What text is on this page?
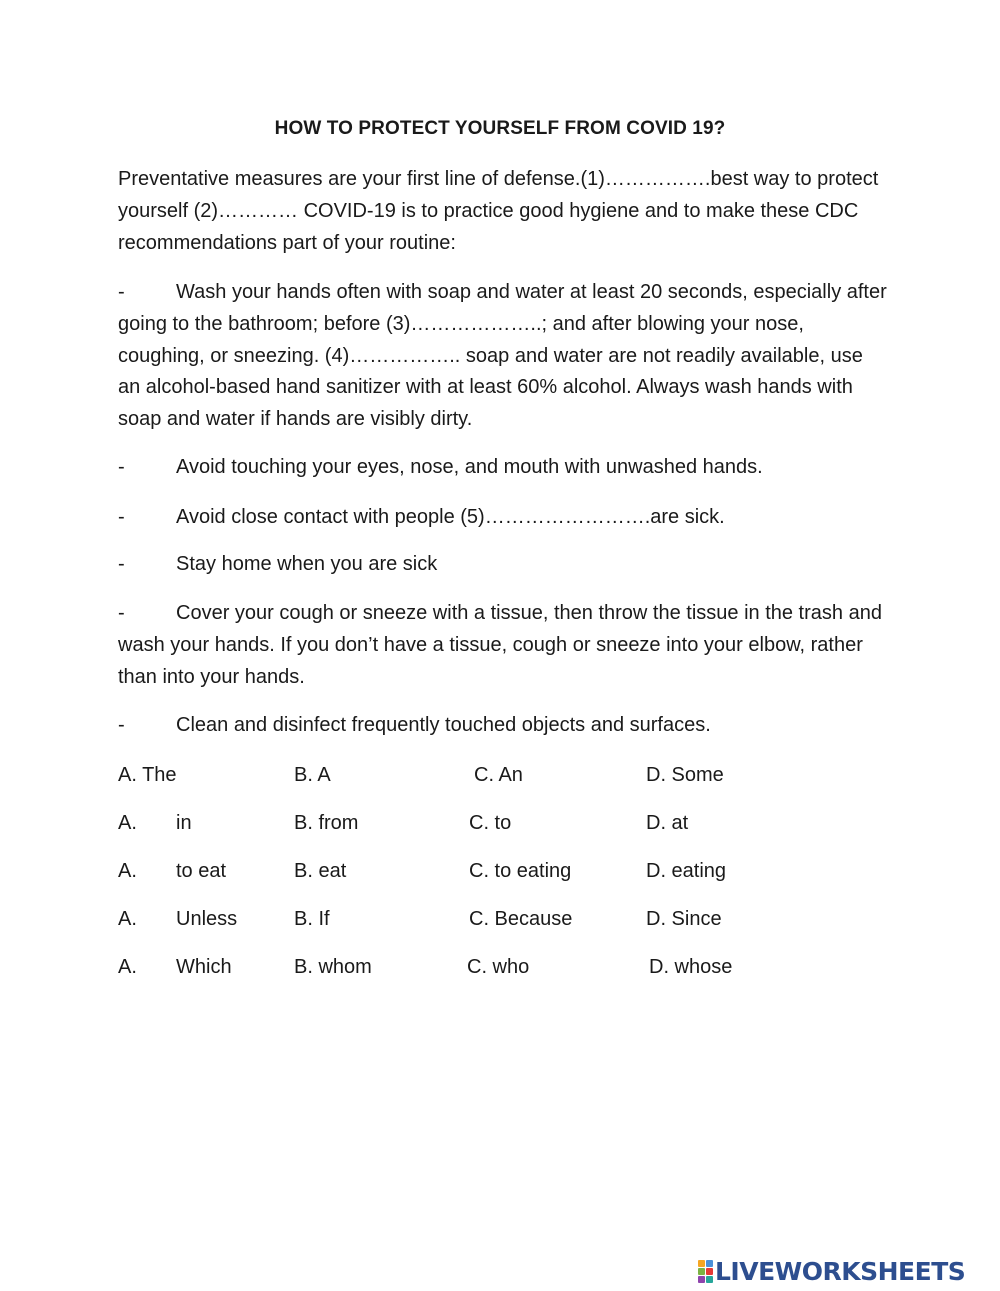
HOW TO PROTECT YOURSELF FROM COVID 19?

Preventative measures are your first line of defense.(1)…………….best way to protect yourself (2)………… COVID-19 is to practice good hygiene and to make these CDC recommendations part of your routine:

-	Wash your hands often with soap and water at least 20 seconds, especially after going to the bathroom; before (3)………………..; and after blowing your nose, coughing, or sneezing. (4)…………….. soap and water are not readily available, use an alcohol-based hand sanitizer with at least 60% alcohol. Always wash hands with soap and water if hands are visibly dirty.

-	Avoid touching your eyes, nose, and mouth with unwashed hands.

-	Avoid close contact with people (5)…………………….are sick.

-	Stay home when you are sick

-	Cover your cough or sneeze with a tissue, then throw the tissue in the trash and wash your hands. If you don’t have a tissue, cough or sneeze into your elbow, rather than into your hands.

-	Clean and disinfect frequently touched objects and surfaces.

A. The	B. A	C. An	D. Some
A. in	B. from	C. to	D. at
A. to eat	B. eat	C. to eating	D. eating
A. Unless	B. If	C. Because	D. Since
A. Which	B. whom	C. who	D. whose
LIVEWORKSHEETS
